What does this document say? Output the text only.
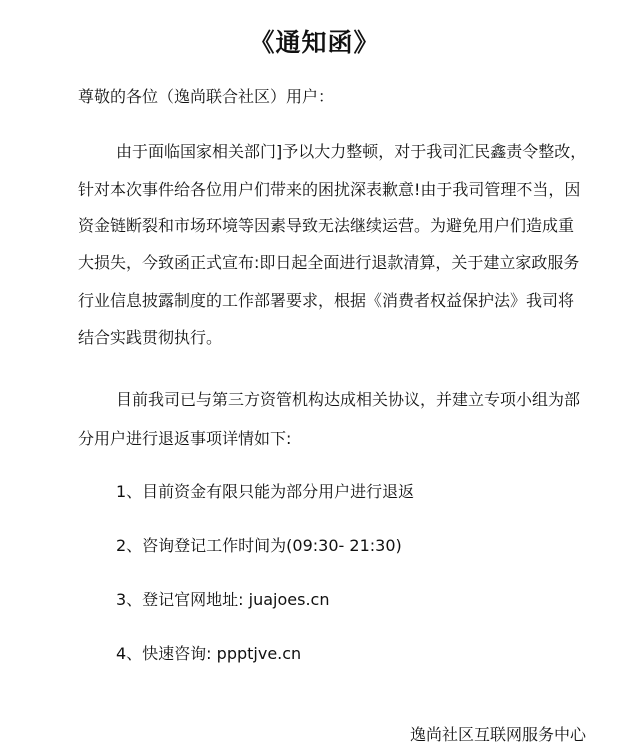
《通知函》
尊敬的各位（逸尚联合社区）用户：
由于面临国家相关部门]予以大力整顿，对于我司汇民鑫责令整改，
针对本次事件给各位用户们带来的困扰深表歉意!由于我司管理不当，因
资金链断裂和市场环境等因素导致无法继续运营。为避免用户们造成重
大损失，今致函正式宣布:即日起全面进行退款清算，关于建立家政服务
行业信息披露制度的工作部署要求，根据《消费者权益保护法》我司将
结合实践贯彻执行。
目前我司已与第三方资管机构达成相关协议，并建立专项小组为部
分用户进行退返事项详情如下:
1、目前资金有限只能为部分用户进行退返
2、咨询登记工作时间为(09:30- 21:30)
3、登记官网地址: juajoes.cn
4、快速咨询: ppptjve.cn
逸尚社区互联网服务中心
